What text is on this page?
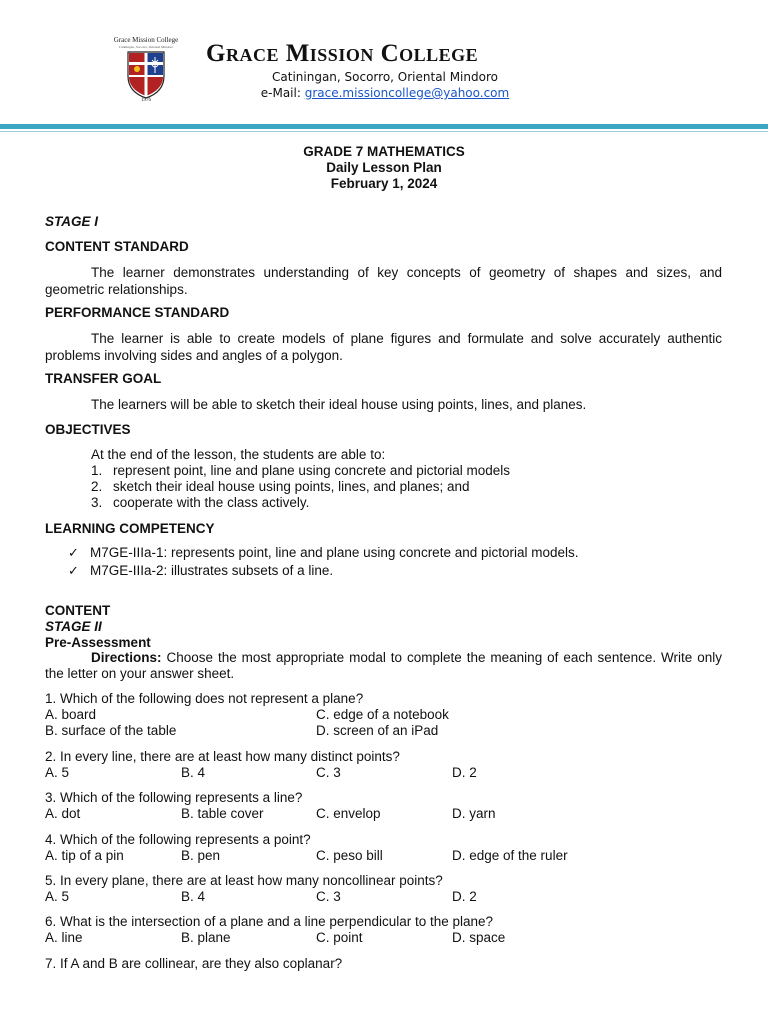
Grace Mission College
Catiningan, Socorro, Oriental Mindoro
1976
Grace Mission College
Catiningan, Socorro, Oriental Mindoro
e-Mail: grace.missioncollege@yahoo.com
GRADE 7 MATHEMATICS
Daily Lesson Plan
February 1, 2024
STAGE I
CONTENT STANDARD
The learner demonstrates understanding of key concepts of geometry of shapes and sizes, and geometric relationships.
PERFORMANCE STANDARD
The learner is able to create models of plane figures and formulate and solve accurately authentic problems involving sides and angles of a polygon.
TRANSFER GOAL
The learners will be able to sketch their ideal house using points, lines, and planes.
OBJECTIVES
At the end of the lesson, the students are able to:
1. represent point, line and plane using concrete and pictorial models
2. sketch their ideal house using points, lines, and planes; and
3. cooperate with the class actively.
LEARNING COMPETENCY
✓ M7GE-IIIa-1: represents point, line and plane using concrete and pictorial models.
✓ M7GE-IIIa-2: illustrates subsets of a line.
CONTENT
STAGE II
Pre-Assessment
Directions: Choose the most appropriate modal to complete the meaning of each sentence. Write only the letter on your answer sheet.
1. Which of the following does not represent a plane?
A. board	C. edge of a notebook
B. surface of the table	D. screen of an iPad
2. In every line, there are at least how many distinct points?
A. 5	B. 4	C. 3	D. 2
3. Which of the following represents a line?
A. dot	B. table cover	C. envelop	D. yarn
4. Which of the following represents a point?
A. tip of a pin	B. pen	C. peso bill	D. edge of the ruler
5. In every plane, there are at least how many noncollinear points?
A. 5	B. 4	C. 3	D. 2
6. What is the intersection of a plane and a line perpendicular to the plane?
A. line	B. plane	C. point	D. space
7. If A and B are collinear, are they also coplanar?
